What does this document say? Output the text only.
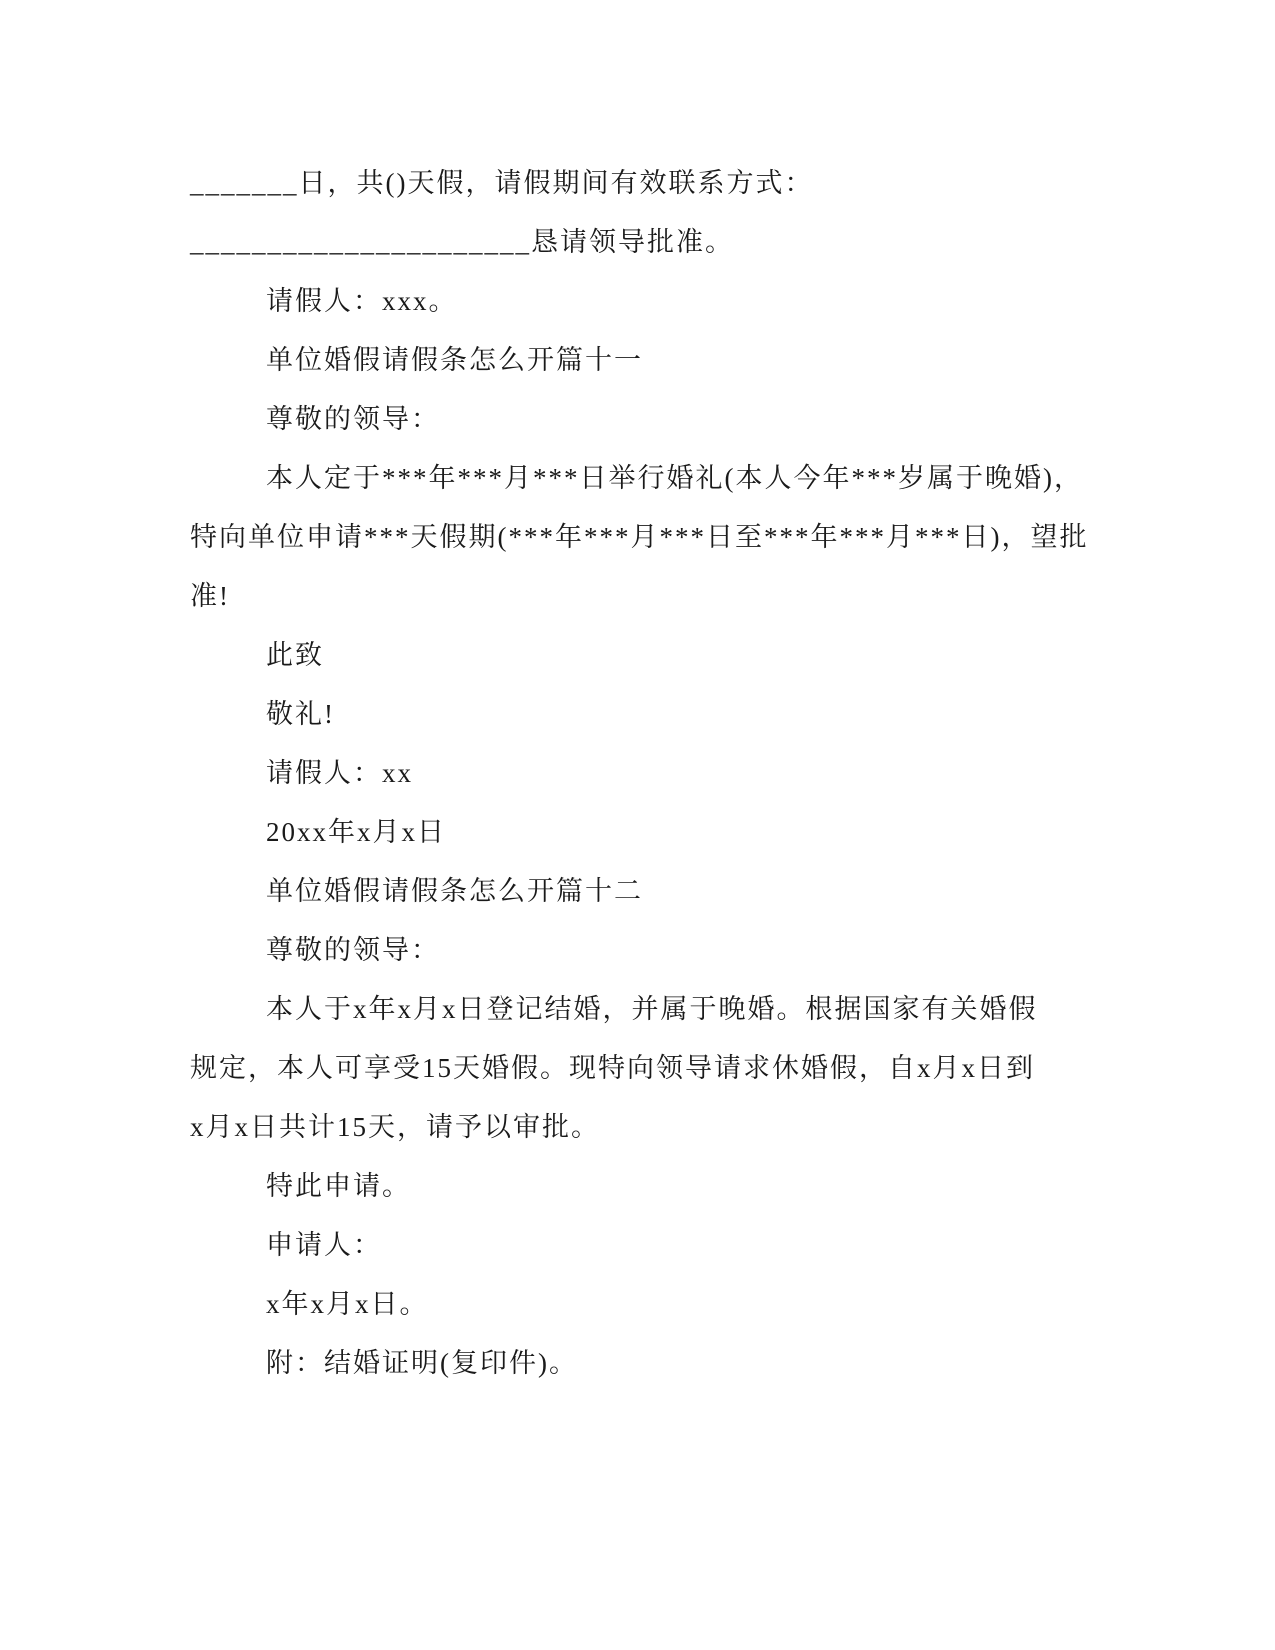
_______日，共()天假，请假期间有效联系方式：
______________________恳请领导批准。
请假人：xxx。
单位婚假请假条怎么开篇十一
尊敬的领导：
本人定于***年***月***日举行婚礼(本人今年***岁属于晚婚)，
特向单位申请***天假期(***年***月***日至***年***月***日)，望批
准!
此致
敬礼!
请假人：xx
20xx年x月x日
单位婚假请假条怎么开篇十二
尊敬的领导：
本人于x年x月x日登记结婚，并属于晚婚。根据国家有关婚假
规定，本人可享受15天婚假。现特向领导请求休婚假，自x月x日到
x月x日共计15天，请予以审批。
特此申请。
申请人：
x年x月x日。
附：结婚证明(复印件)。
